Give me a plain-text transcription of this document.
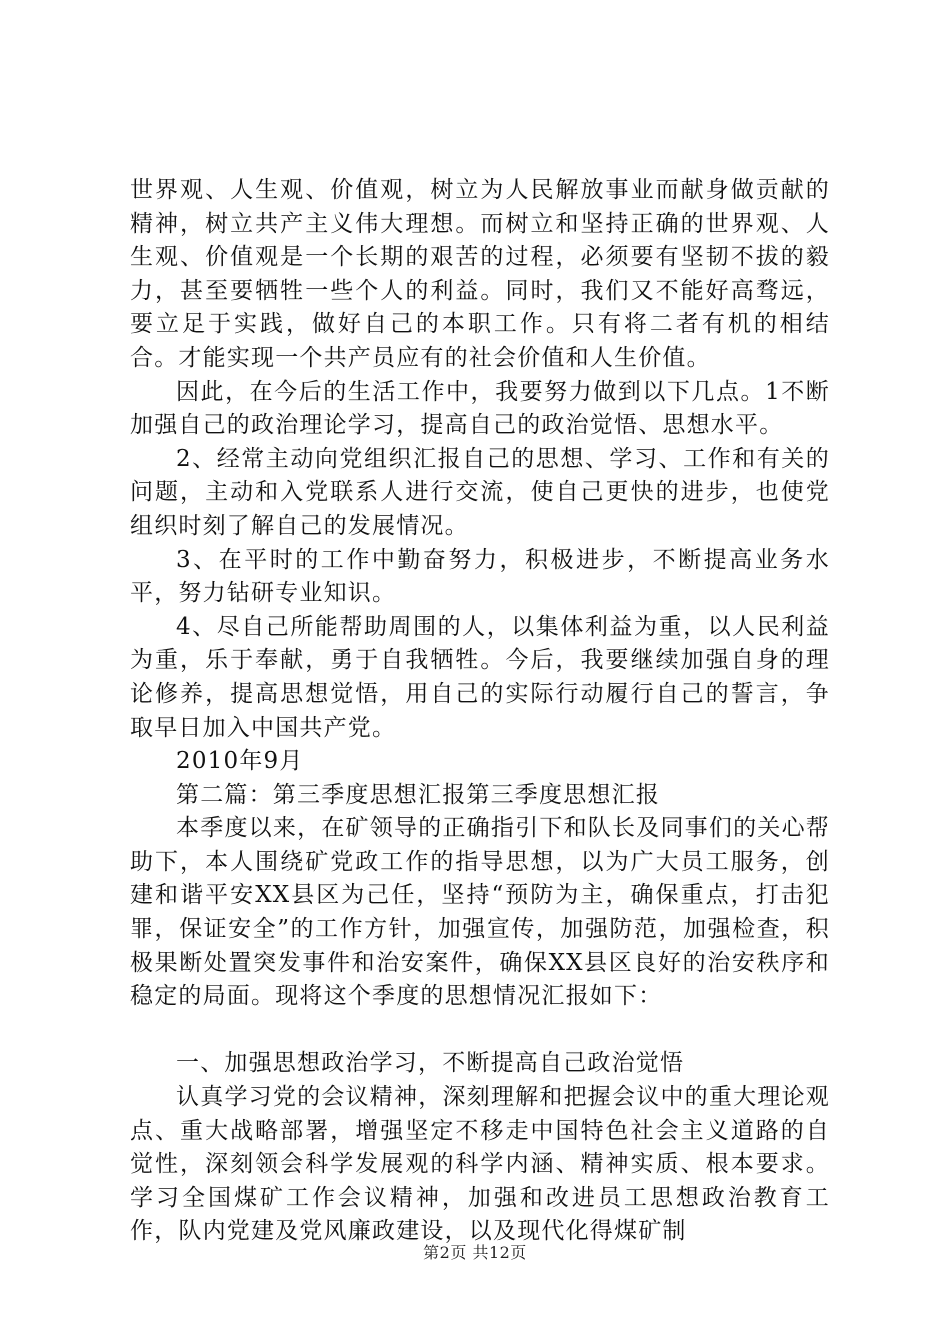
世界观、人生观、价值观，树立为人民解放事业而献身做贡献的精神，树立共产主义伟大理想。而树立和坚持正确的世界观、人生观、价值观是一个长期的艰苦的过程，必须要有坚韧不拔的毅力，甚至要牺牲一些个人的利益。同时，我们又不能好高骛远，要立足于实践，做好自己的本职工作。只有将二者有机的相结合。才能实现一个共产员应有的社会价值和人生价值。

因此，在今后的生活工作中，我要努力做到以下几点。1不断加强自己的政治理论学习，提高自己的政治觉悟、思想水平。

2、经常主动向党组织汇报自己的思想、学习、工作和有关的问题，主动和入党联系人进行交流，使自己更快的进步，也使党组织时刻了解自己的发展情况。

3、在平时的工作中勤奋努力，积极进步，不断提高业务水平，努力钻研专业知识。

4、尽自己所能帮助周围的人，以集体利益为重，以人民利益为重，乐于奉献，勇于自我牺牲。今后，我要继续加强自身的理论修养，提高思想觉悟，用自己的实际行动履行自己的誓言，争取早日加入中国共产党。

2010年9月

第二篇：第三季度思想汇报第三季度思想汇报

本季度以来，在矿领导的正确指引下和队长及同事们的关心帮助下，本人围绕矿党政工作的指导思想，以为广大员工服务，创建和谐平安XX县区为己任，坚持“预防为主，确保重点，打击犯罪，保证安全”的工作方针，加强宣传，加强防范，加强检查，积极果断处置突发事件和治安案件，确保XX县区良好的治安秩序和稳定的局面。现将这个季度的思想情况汇报如下：

一、加强思想政治学习，不断提高自己政治觉悟

认真学习党的会议精神，深刻理解和把握会议中的重大理论观点、重大战略部署，增强坚定不移走中国特色社会主义道路的自觉性，深刻领会科学发展观的科学内涵、精神实质、根本要求。学习全国煤矿工作会议精神，加强和改进员工思想政治教育工作，队内党建及党风廉政建设，以及现代化得煤矿制

第2页 共12页
